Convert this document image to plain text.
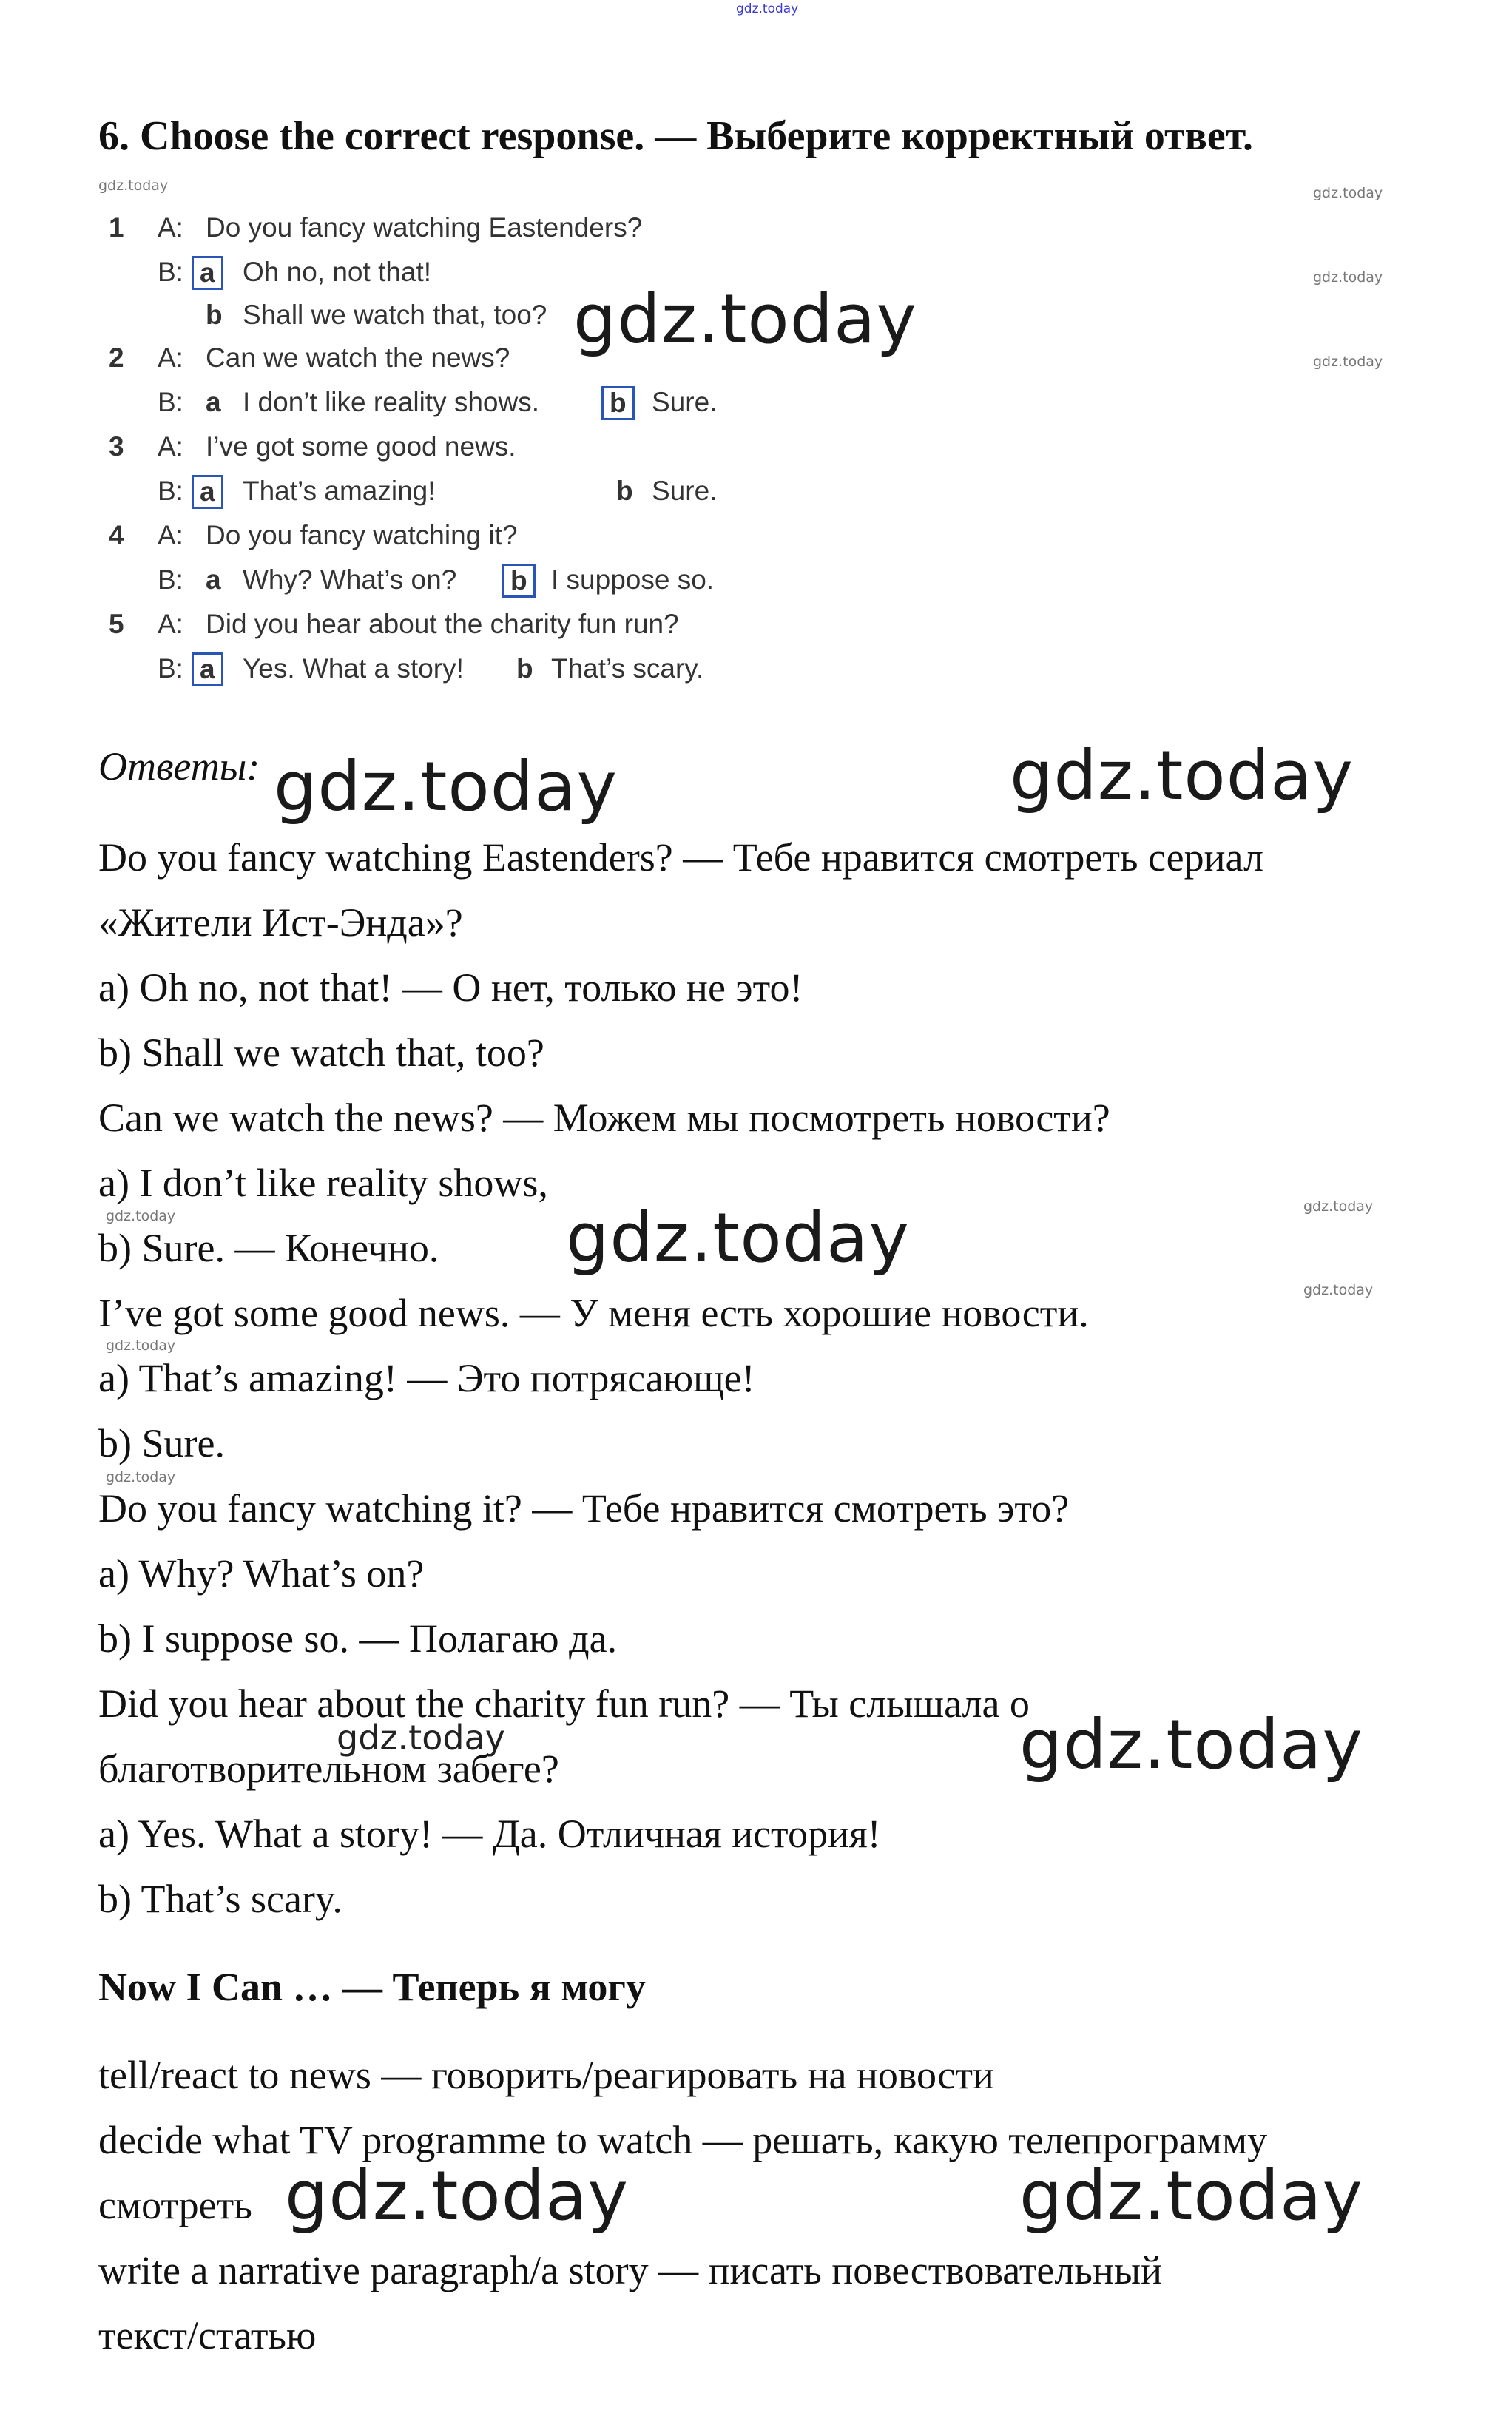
gdz.today
6. Choose the correct response. — Выберите корректный ответ.
gdz.today	gdz.today
gdz.today
gdz.today
1 A: Do you fancy watching Eastenders?
B: a Oh no, not that!
b Shall we watch that, too?
2 A: Can we watch the news?
B: a I don’t like reality shows.	b Sure.
3 A: I’ve got some good news.
B: a That’s amazing!	b Sure.
4 A: Do you fancy watching it?
B: a Why? What’s on? b I suppose so.
5 A: Did you hear about the charity fun run?
B: a Yes. What a story! b That’s scary.
gdz.today
Ответы: gdz.today	gdz.today
Do you fancy watching Eastenders? — Тебе нравится смотреть сериал
«Жители Ист-Энда»?
a) Oh no, not that! — О нет, только не это!
b) Shall we watch that, too?
Can we watch the news? — Можем мы посмотреть новости?
a) I don’t like reality shows,
gdz.today
gdz.today
b) Sure. — Конечно. gdz.today
gdz.today
I’ve got some good news. — У меня есть хорошие новости.
gdz.today
a) That’s amazing! — Это потрясающе!
b) Sure.
gdz.today
Do you fancy watching it? — Тебе нравится смотреть это?
a) Why? What’s on?
b) I suppose so. — Полагаю да.
Did you hear about the charity fun run? — Ты слышала о
gdz.today
благотворительном забеге?	gdz.today
a) Yes. What a story! — Да. Отличная история!
b) That’s scary.
Now I Can … — Теперь я могу
tell/react to news — говорить/реагировать на новости
decide what TV programme to watch — решать, какую телепрограмму
смотреть gdz.today	gdz.today
write a narrative paragraph/a story — писать повествовательный
текст/статью
